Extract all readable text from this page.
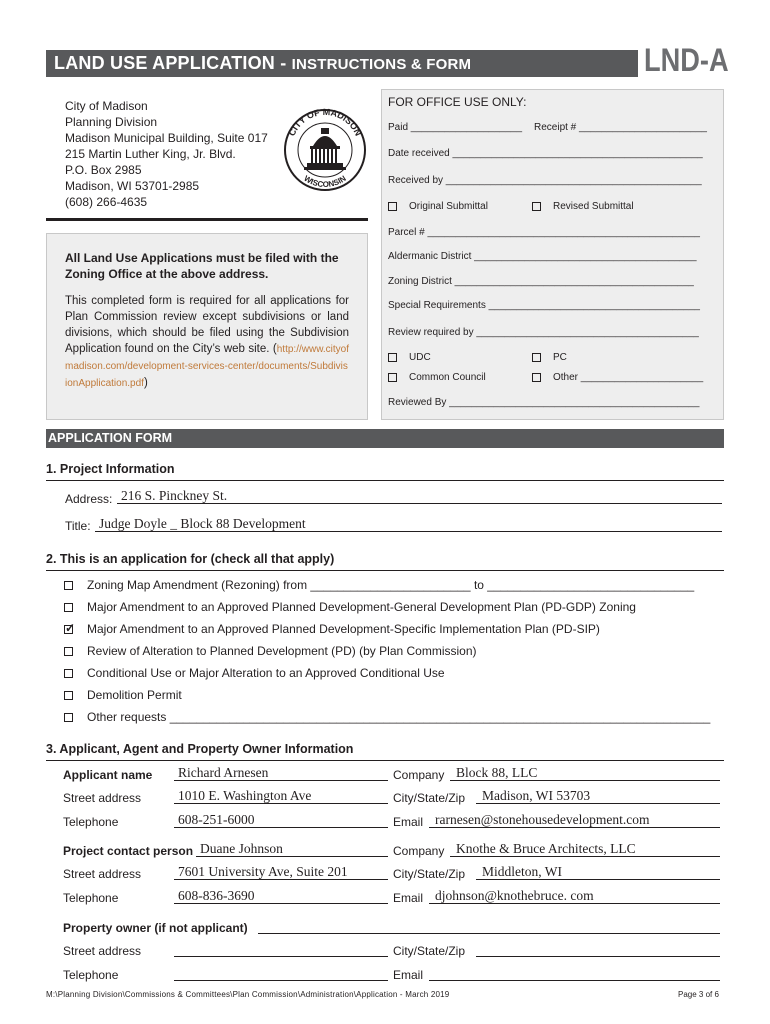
LAND USE APPLICATION - INSTRUCTIONS & FORM	LND-A
City of Madison
Planning Division
Madison Municipal Building, Suite 017
215 Martin Luther King, Jr. Blvd.
P.O. Box 2985
Madison, WI 53701-2985
(608) 266-4635
CITY OF MADISON
WISCONSIN
FOR OFFICE USE ONLY:
Paid ____________________ Receipt # _______________________
Date received _____________________________________________
Received by ______________________________________________
Original Submittal	Revised Submittal
Parcel # _________________________________________________
Aldermanic District ________________________________________
Zoning District ___________________________________________
Special Requirements ______________________________________
Review required by ________________________________________
UDC	PC
Common Council	Other ______________________
Reviewed By _____________________________________________
All Land Use Applications must be filed with the Zoning Office at the above address.
This completed form is required for all applications for Plan Commission review except subdivisions or land divisions, which should be filed using the Subdivision Application found on the City’s web site. (http://www.cityofmadison.com/development-services-center/documents/SubdivisionApplication.pdf)
APPLICATION FORM
1. Project Information
Address: 216 S. Pinckney St.
Title: Judge Doyle _ Block 88 Development
2. This is an application for (check all that apply)
Zoning Map Amendment (Rezoning) from ________________________ to _______________________________
Major Amendment to an Approved Planned Development-General Development Plan (PD-GDP) Zoning
✓Major Amendment to an Approved Planned Development-Specific Implementation Plan (PD-SIP)
Review of Alteration to Planned Development (PD) (by Plan Commission)
Conditional Use or Major Alteration to an Approved Conditional Use
Demolition Permit
Other requests _________________________________________________________________________________
3. Applicant, Agent and Property Owner Information
Applicant name Richard Arnesen	Company Block 88, LLC
Street address	1010 E. Washington Ave	City/State/Zip	Madison, WI 53703
Telephone	608-251-6000	Email rarnesen@stonehousedevelopment.com
Project contact person Duane Johnson	Company Knothe & Bruce Architects, LLC
Street address	7601 University Ave, Suite 201	City/State/Zip	Middleton, WI
Telephone	608-836-3690	Email djohnson@knothebruce. com
Property owner (if not applicant)
Street address	City/State/Zip
Telephone	Email
M:\Planning Division\Commissions & Committees\Plan Commission\Administration\Application - March 2019	Page 3 of 6
